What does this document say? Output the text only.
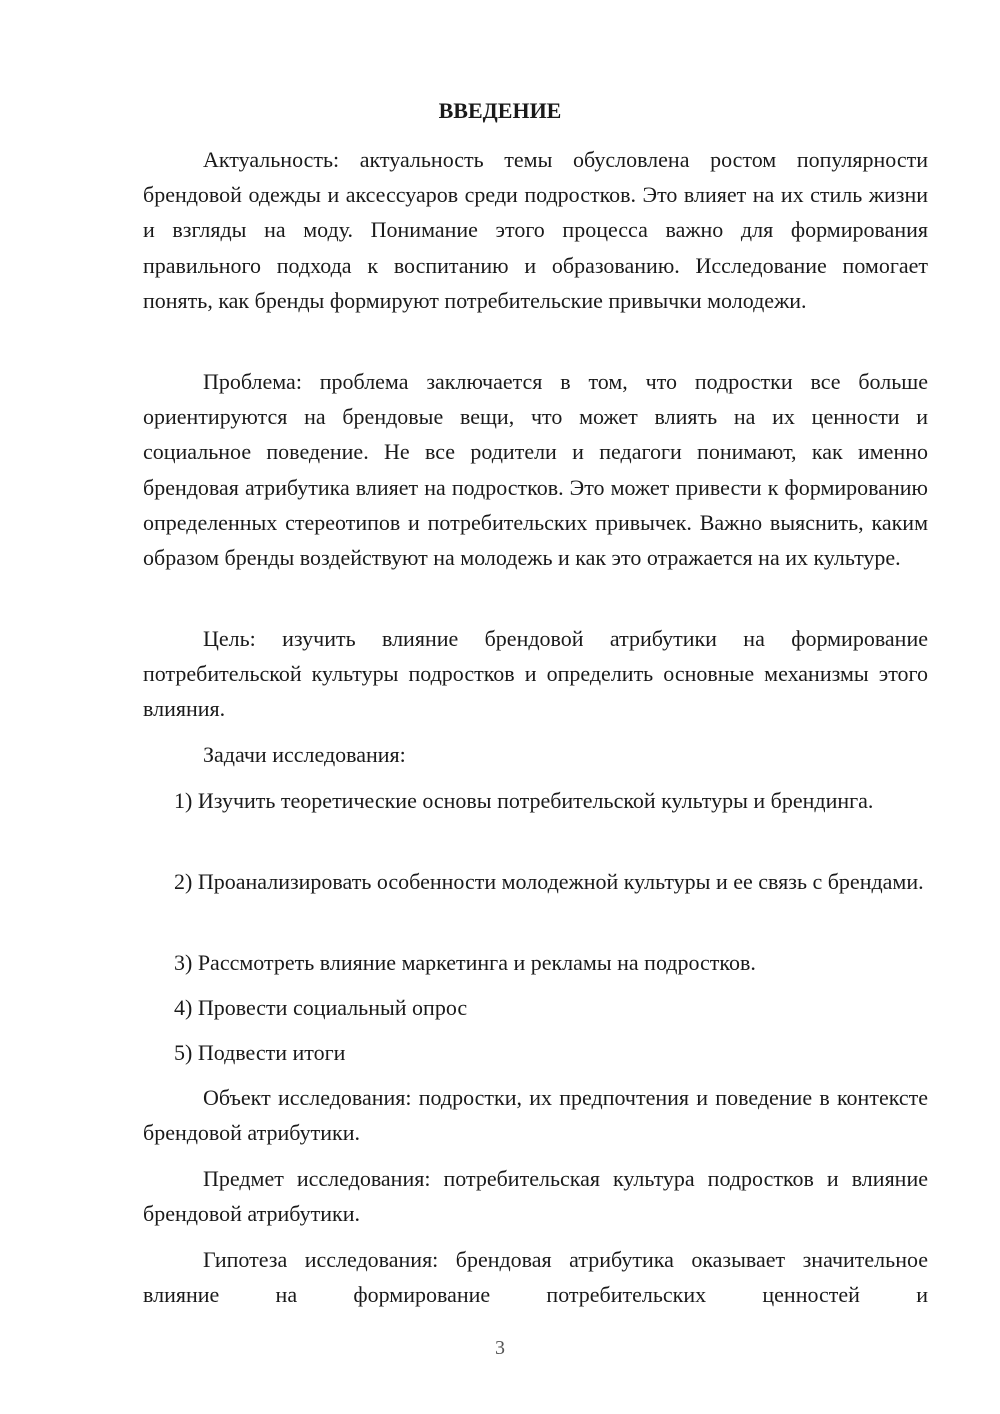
ВВЕДЕНИЕ
Актуальность: актуальность темы обусловлена ростом популярности брендовой одежды и аксессуаров среди подростков. Это влияет на их стиль жизни и взгляды на моду. Понимание этого процесса важно для формирования правильного подхода к воспитанию и образованию. Исследование помогает понять, как бренды формируют потребительские привычки молодежи.
Проблема: проблема заключается в том, что подростки все больше ориентируются на брендовые вещи, что может влиять на их ценности и социальное поведение. Не все родители и педагоги понимают, как именно брендовая атрибутика влияет на подростков. Это может привести к формированию определенных стереотипов и потребительских привычек. Важно выяснить, каким образом бренды воздействуют на молодежь и как это отражается на их культуре.
Цель: изучить влияние брендовой атрибутики на формирование потребительской культуры подростков и определить основные механизмы этого влияния.
Задачи исследования:
1) Изучить теоретические основы потребительской культуры и брендинга.
2) Проанализировать особенности молодежной культуры и ее связь с брендами.
3) Рассмотреть влияние маркетинга и рекламы на подростков.
4) Провести социальный опрос
5) Подвести итоги
Объект исследования: подростки, их предпочтения и поведение в контексте брендовой атрибутики.
Предмет исследования: потребительская культура подростков и влияние брендовой атрибутики.
Гипотеза исследования: брендовая атрибутика оказывает значительное влияние на формирование потребительских ценностей и
3
